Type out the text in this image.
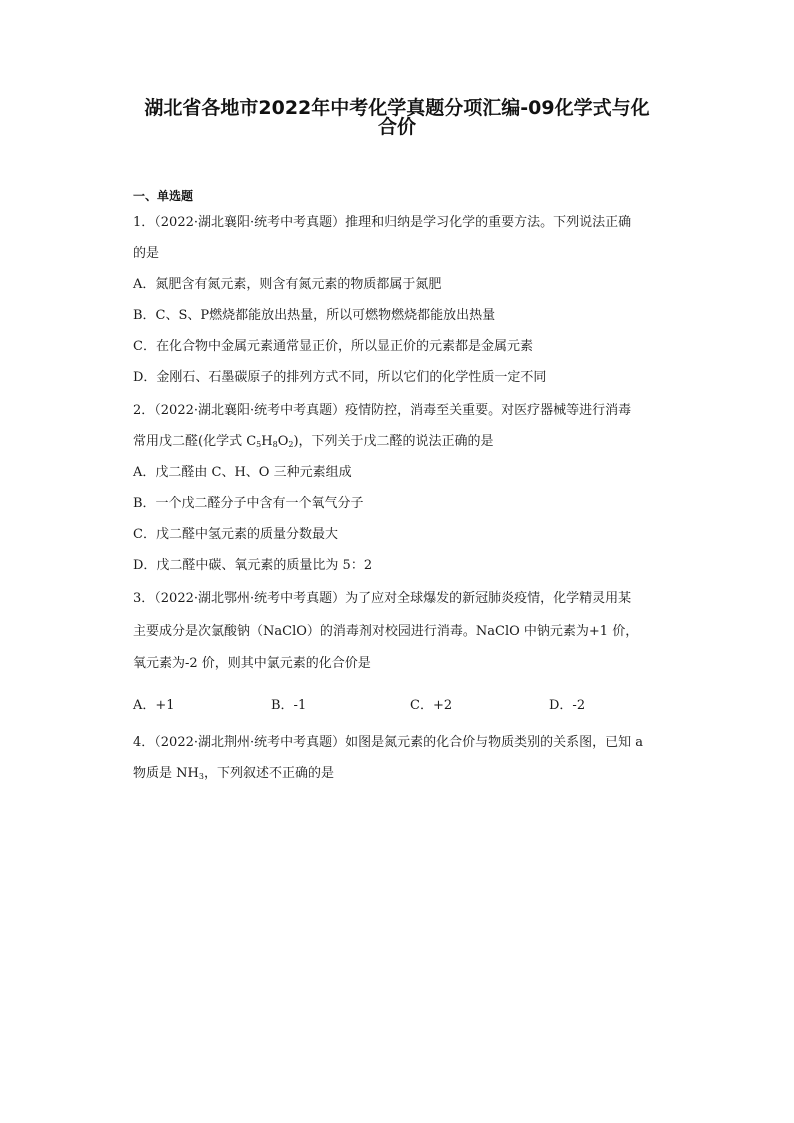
湖北省各地市2022年中考化学真题分项汇编-09化学式与化
合价
一、单选题
1．（2022·湖北襄阳·统考中考真题）推理和归纳是学习化学的重要方法。下列说法正确
的是
A．氮肥含有氮元素，则含有氮元素的物质都属于氮肥
B．C、S、P燃烧都能放出热量，所以可燃物燃烧都能放出热量
C．在化合物中金属元素通常显正价，所以显正价的元素都是金属元素
D．金刚石、石墨碳原子的排列方式不同，所以它们的化学性质一定不同
2．（2022·湖北襄阳·统考中考真题）疫情防控，消毒至关重要。对医疗器械等进行消毒
常用戊二醛(化学式 $C_5H_8O_2$)，下列关于戊二醛的说法正确的是
A．戊二醛由 C、H、O 三种元素组成
B．一个戊二醛分子中含有一个氧气分子
C．戊二醛中氢元素的质量分数最大
D．戊二醛中碳、氧元素的质量比为 5：2
3．（2022·湖北鄂州·统考中考真题）为了应对全球爆发的新冠肺炎疫情，化学精灵用某
主要成分是次氯酸钠（NaClO）的消毒剂对校园进行消毒。NaClO 中钠元素为+1 价，
氧元素为-2 价，则其中氯元素的化合价是
A．+1	B．-1	C．+2	D．-2
4．（2022·湖北荆州·统考中考真题）如图是氮元素的化合价与物质类别的关系图，已知 a
物质是 $NH_3$，下列叙述不正确的是
